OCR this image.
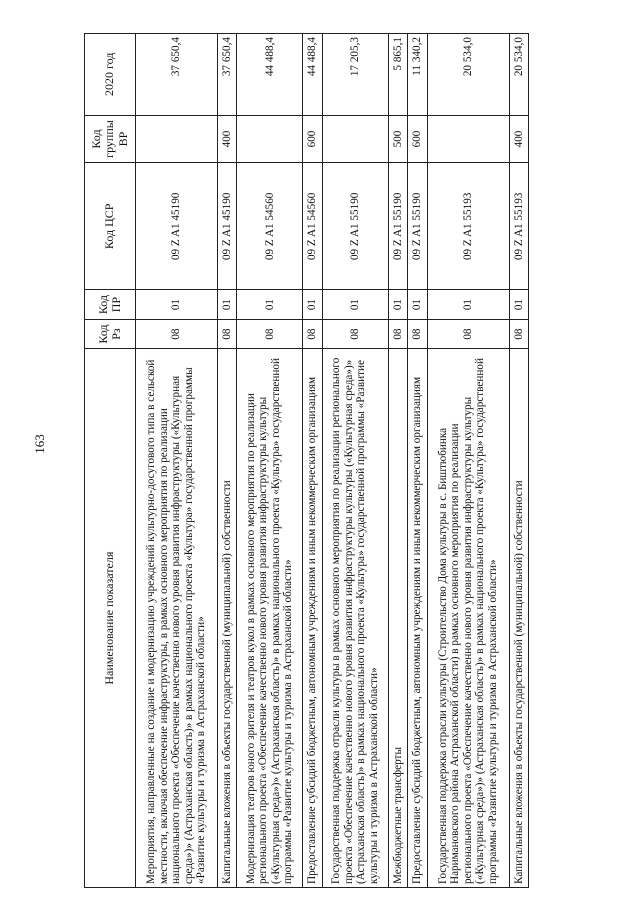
163
Наименование показателя	Код Рз	Код ПР	Код ЦСР	Код группы ВР	2020 год
Мероприятия, направленные на создание и модернизацию учреждений культурно-досугового типа в сельской местности, включая обеспечение инфраструктуры, в рамках основного мероприятия по реализации национального проекта «Обеспечение качественно нового уровня развития инфраструктуры («Культурная среда»)» (Астраханская область)» в рамках национального проекта «Культура» государственной программы «Развитие культуры и туризма в Астраханской области»	08	01	09 Z A1 45190		37 650,4
Капитальные вложения в объекты государственной (муниципальной) собственности	08	01	09 Z A1 45190	400	37 650,4
Модернизация театров юного зрителя и театров кукол в рамках основного мероприятия по реализации регионального проекта «Обеспечение качественно нового уровня развития инфраструктуры культуры («Культурная среда»)» (Астраханская область)» в рамках национального проекта «Культура» государственной программы «Развитие культуры и туризма в Астраханской области»	08	01	09 Z A1 54560		44 488,4
Предоставление субсидий бюджетным, автономным учреждениям и иным некоммерческим организациям	08	01	09 Z A1 54560	600	44 488,4
Государственная поддержка отрасли культуры в рамках основного мероприятия по реализации регионального проекта «Обеспечение качественно нового уровня развития инфраструктуры культуры («Культурная среда»)» (Астраханская область)» в рамках национального проекта «Культура» государственной программы «Развитие культуры и туризма в Астраханской области»	08	01	09 Z A1 55190		17 205,3
Межбюджетные трансферты	08	01	09 Z A1 55190	500	5 865,1
Предоставление субсидий бюджетным, автономным учреждениям и иным некоммерческим организациям	08	01	09 Z A1 55190	600	11 340,2
Государственная поддержка отрасли культуры (Строительство Дома культуры в с. Биштюбинка Наримановского района Астраханской области) в рамках основного мероприятия по реализации регионального проекта «Обеспечение качественно нового уровня развития инфраструктуры культуры («Культурная среда»)» (Астраханская область)» в рамках национального проекта «Культура» государственной программы «Развитие культуры и туризма в Астраханской области»	08	01	09 Z A1 55193		20 534,0
Капитальные вложения в объекты государственной (муниципальной) собственности	08	01	09 Z A1 55193	400	20 534,0
